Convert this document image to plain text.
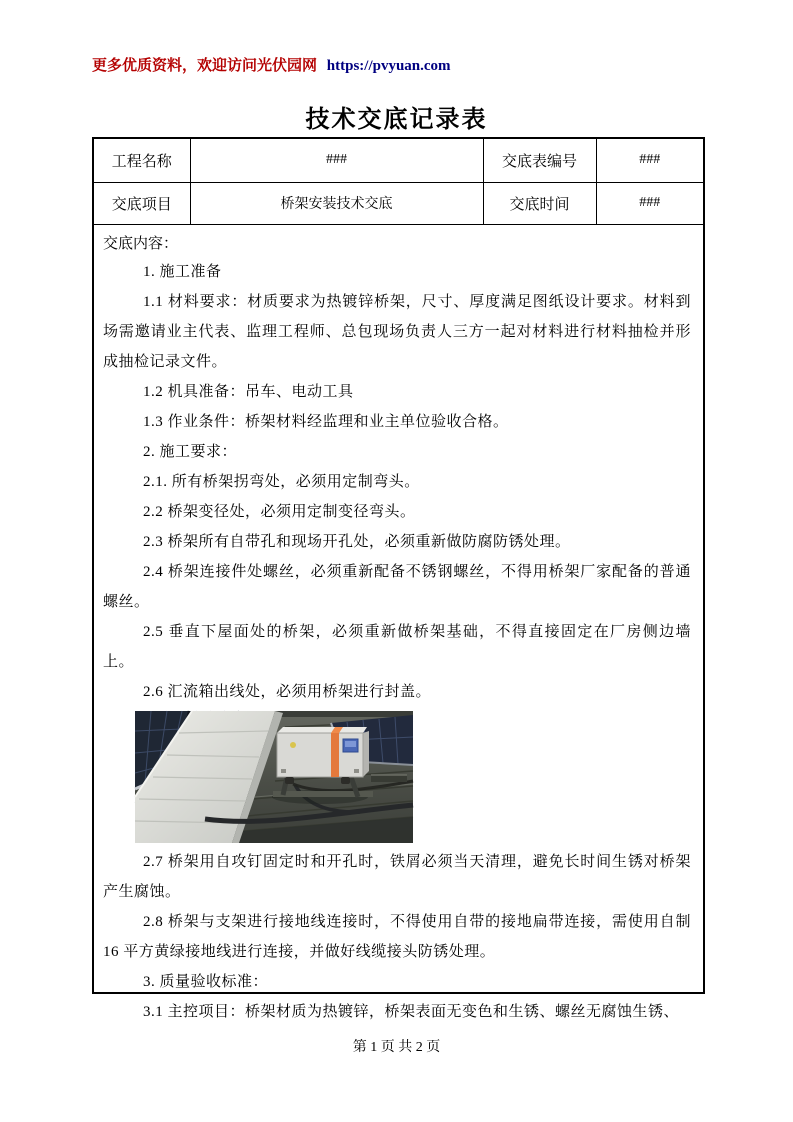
更多优质资料，欢迎访问光伏园网 https://pvyuan.com
技术交底记录表
工程名称	###	交底表编号	###
交底项目	桥架安装技术交底	交底时间	###

交底内容：

1. 施工准备

1.1 材料要求：材质要求为热镀锌桥架，尺寸、厚度满足图纸设计要求。材料到场需邀请业主代表、监理工程师、总包现场负责人三方一起对材料进行材料抽检并形成抽检记录文件。

1.2 机具准备：吊车、电动工具

1.3 作业条件：桥架材料经监理和业主单位验收合格。

2. 施工要求：

2.1. 所有桥架拐弯处，必须用定制弯头。

2.2 桥架变径处，必须用定制变径弯头。

2.3 桥架所有自带孔和现场开孔处，必须重新做防腐防锈处理。

2.4 桥架连接件处螺丝，必须重新配备不锈钢螺丝，不得用桥架厂家配备的普通螺丝。

2.5 垂直下屋面处的桥架，必须重新做桥架基础，不得直接固定在厂房侧边墙上。

2.6 汇流箱出线处，必须用桥架进行封盖。

2.7 桥架用自攻钉固定时和开孔时，铁屑必须当天清理，避免长时间生锈对桥架产生腐蚀。

2.8 桥架与支架进行接地线连接时，不得使用自带的接地扁带连接，需使用自制16 平方黄绿接地线进行连接，并做好线缆接头防锈处理。

3. 质量验收标准：

3.1 主控项目：桥架材质为热镀锌，桥架表面无变色和生锈、螺丝无腐蚀生锈、

第 1 页 共 2 页
